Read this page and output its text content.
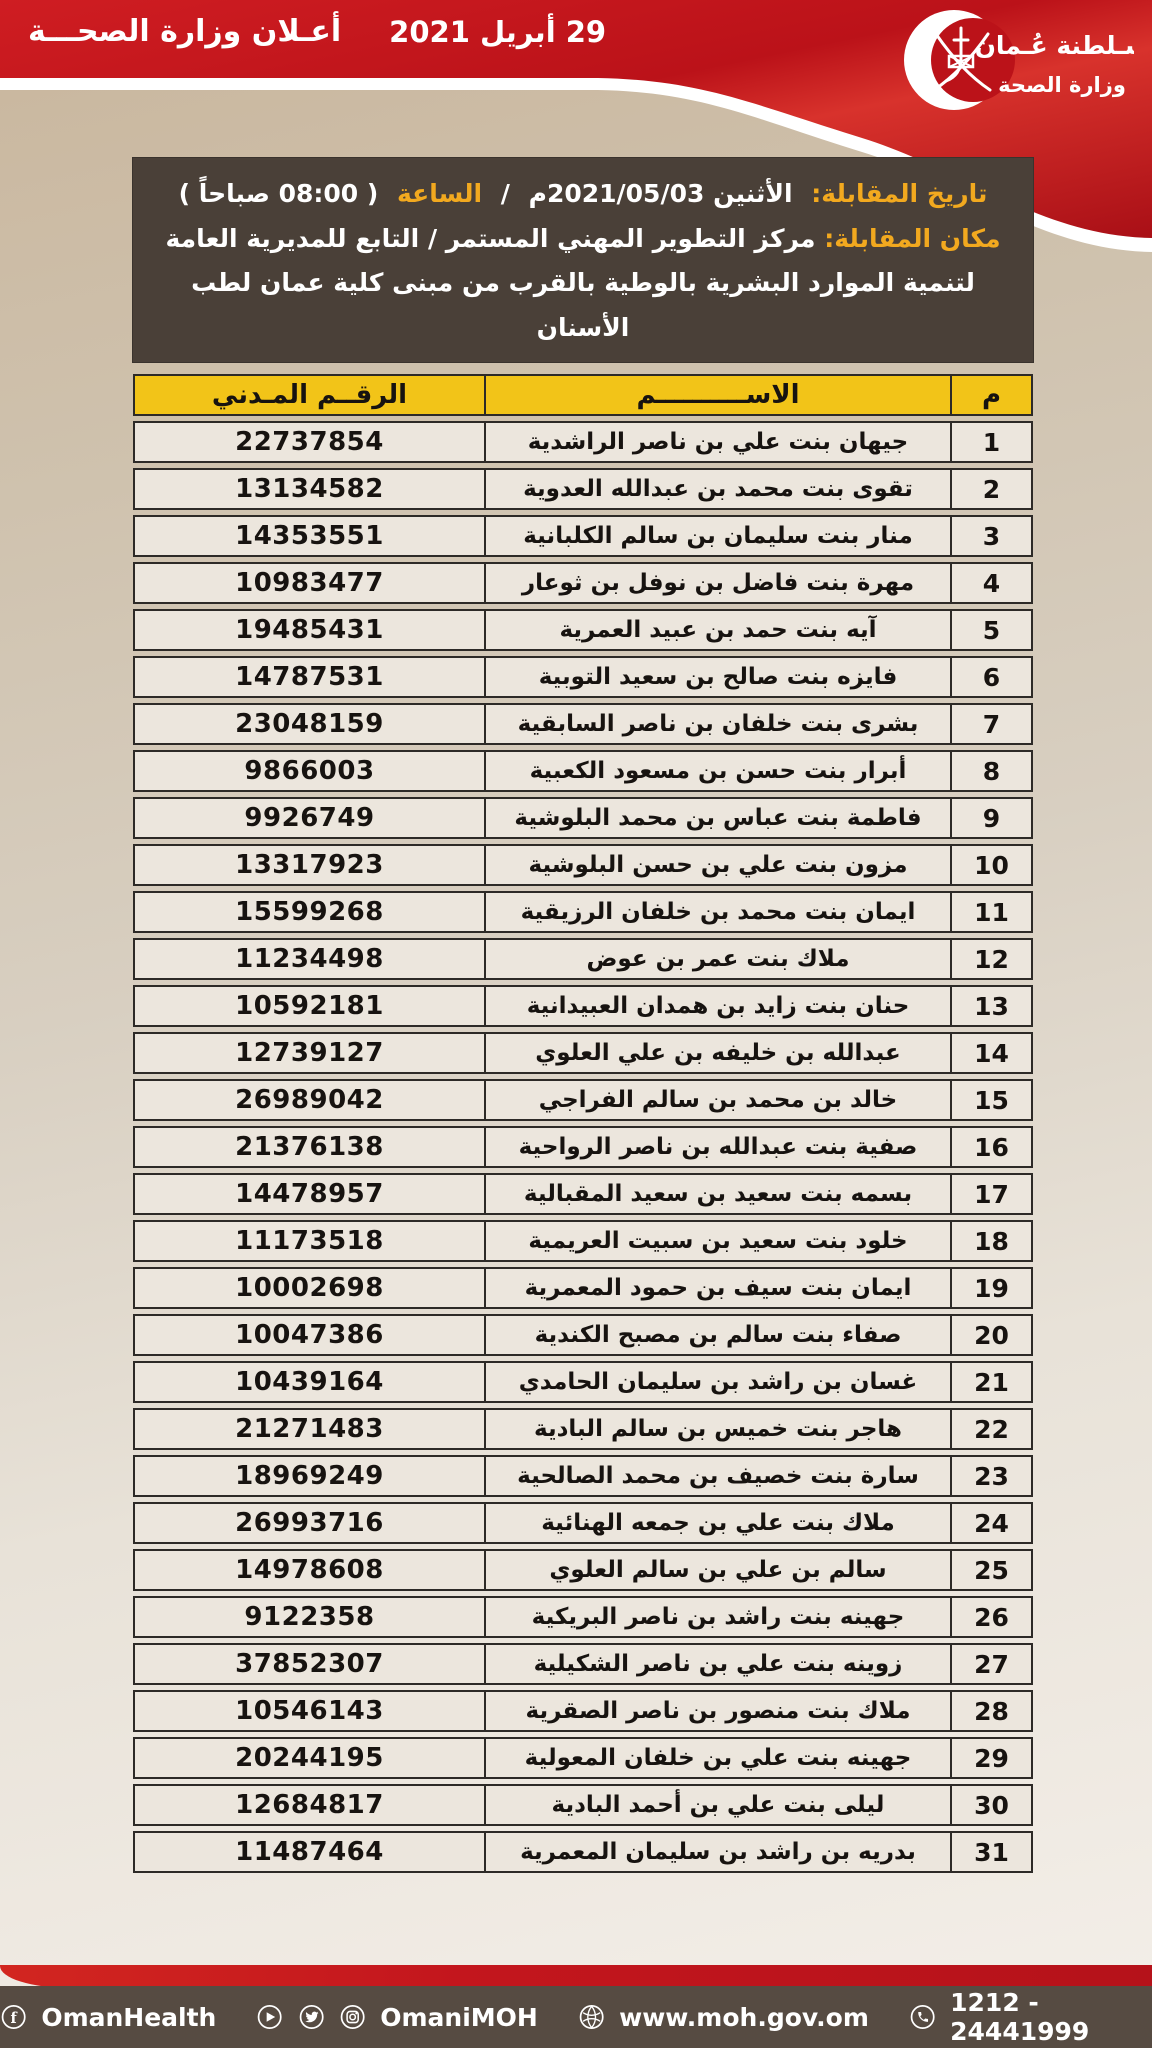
29 أبريل 2021
أعـلان وزارة الصحـــة	سـلطنة عُـمان
وزارة الصحة
تاريخ المقابلة: الأثنين 2021/05/03م / الساعة ( 08:00 صباحاً )
مكان المقابلة: مركز التطوير المهني المستمر / التابع للمديرية العامة لتنمية الموارد البشرية بالوطية بالقرب من مبنى كلية عمان لطب الأسنان
م	الاســــــــــم	الرقــم المـدني
1	جيهان بنت علي بن ناصر الراشدية	22737854
2	تقوى بنت محمد بن عبدالله العدوية	13134582
3	منار بنت سليمان بن سالم الكلبانية	14353551
4	مهرة بنت فاضل بن نوفل بن ثوعار	10983477
5	آيه بنت حمد بن عبيد العمرية	19485431
6	فايزه بنت صالح بن سعيد التوبية	14787531
7	بشرى بنت خلفان بن ناصر السابقية	23048159
8	أبرار بنت حسن بن مسعود الكعبية	9866003
9	فاطمة بنت عباس بن محمد البلوشية	9926749
10	مزون بنت علي بن حسن البلوشية	13317923
11	ايمان بنت محمد بن خلفان الرزيقية	15599268
12	ملاك بنت عمر بن عوض	11234498
13	حنان بنت زايد بن همدان العبيدانية	10592181
14	عبدالله بن خليفه بن علي العلوي	12739127
15	خالد بن محمد بن سالم الفراجي	26989042
16	صفية بنت عبدالله بن ناصر الرواحية	21376138
17	بسمه بنت سعيد بن سعيد المقبالية	14478957
18	خلود بنت سعيد بن سبيت العريمية	11173518
19	ايمان بنت سيف بن حمود المعمرية	10002698
20	صفاء بنت سالم بن مصبح الكندية	10047386
21	غسان بن راشد بن سليمان الحامدي	10439164
22	هاجر بنت خميس بن سالم البادية	21271483
23	سارة بنت خصيف بن محمد الصالحية	18969249
24	ملاك بنت علي بن جمعه الهنائية	26993716
25	سالم بن علي بن سالم العلوي	14978608
26	جهينه بنت راشد بن ناصر البريكية	9122358
27	زوينه بنت علي بن ناصر الشكيلية	37852307
28	ملاك بنت منصور بن ناصر الصقرية	10546143
29	جهينه بنت علي بن خلفان المعولية	20244195
30	ليلى بنت علي بن أحمد البادية	12684817
31	بدريه بن راشد بن سليمان المعمرية	11487464
f OmanHealth	OmaniMOH	www.moh.gov.om	1212 - 24441999
